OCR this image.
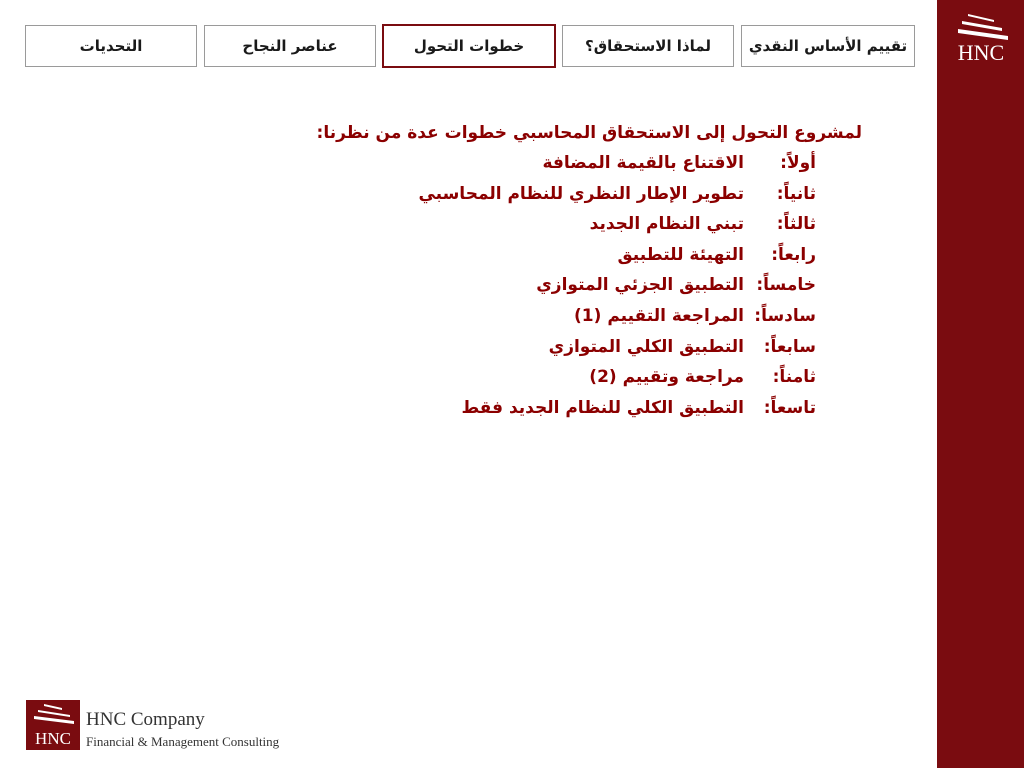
HNC
تقييم الأساس النقدي
لماذا الاستحقاق؟
خطوات التحول
عناصر النجاح
التحديات
لمشروع التحول إلى الاستحقاق المحاسبي خطوات عدة من نظرنا:
أولاً:
الاقتناع بالقيمة المضافة
ثانياً:
تطوير الإطار النظري للنظام المحاسبي
ثالثاً:
تبني النظام الجديد
رابعاً:
التهيئة للتطبيق
خامساً:
التطبيق الجزئي المتوازي
سادساً:
المراجعة التقييم (1)
سابعاً:
التطبيق الكلي المتوازي
ثامناً:
مراجعة وتقييم (2)
تاسعاً:
التطبيق الكلي للنظام الجديد فقط
HNC
HNC Company
Financial & Management Consulting
